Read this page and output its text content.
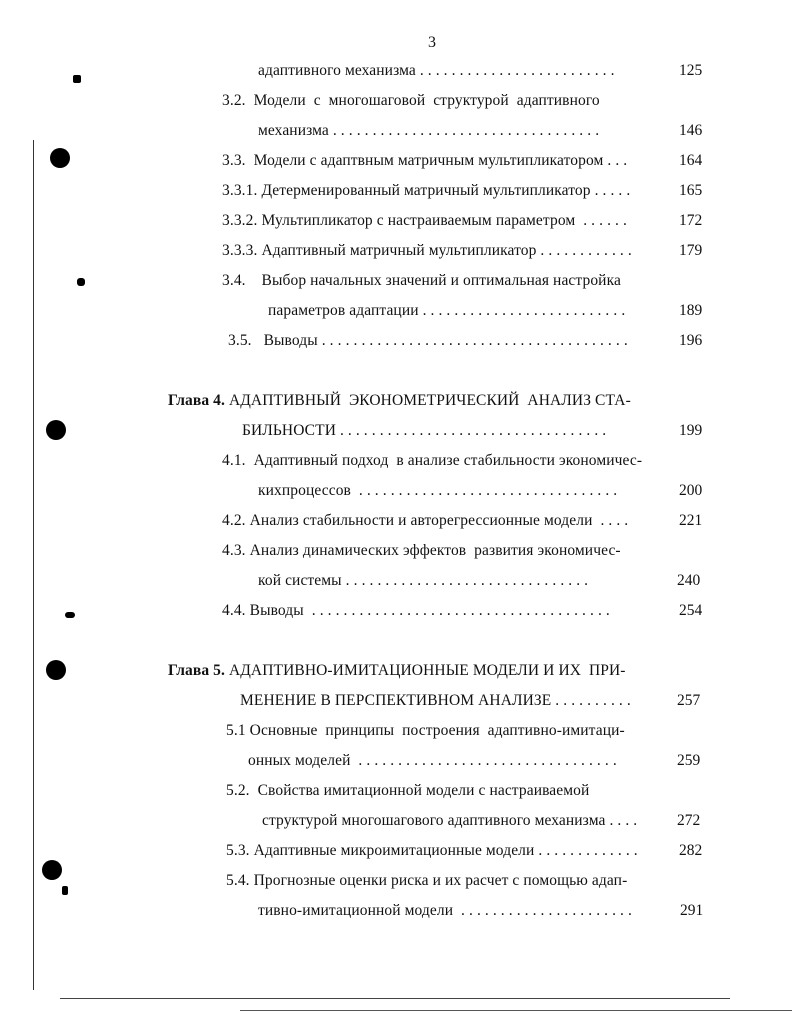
3
адаптивного механизма . . . . . . . . . . . . . . . . . . . . . . . . .	125
3.2. Модели с многошаговой структурой адаптивного
механизма . . . . . . . . . . . . . . . . . . . . . . . . . . . . . . . . . .	146
3.3.  Модели с адаптвным матричным мультипликатором . . .	164
3.3.1. Детерменированный матричный мультипликатор . . . . .	165
3.3.2. Мультипликатор с настраиваемым параметром  . . . . . .	172
3.3.3. Адаптивный матричный мультипликатор . . . . . . . . . . . .	179
3.4.    Выбор начальных значений и оптимальная настройка
параметров адаптации . . . . . . . . . . . . . . . . . . . . . . . . . .	189
3.5.   Выводы . . . . . . . . . . . . . . . . . . . . . . . . . . . . . . . . . . . . . . .	196
Глава 4. АДАПТИВНЫЙ  ЭКОНОМЕТРИЧЕСКИЙ  АНАЛИЗ СТА-
БИЛЬНОСТИ . . . . . . . . . . . . . . . . . . . . . . . . . . . . . . . . . .	199
4.1.  Адаптивный подход  в анализе стабильности экономичес-
кихпроцессов  . . . . . . . . . . . . . . . . . . . . . . . . . . . . . . . . .	200
4.2. Анализ стабильности и авторегрессионные модели  . . . .	221
4.3. Анализ динамических эффектов  развития экономичес-
кой системы . . . . . . . . . . . . . . . . . . . . . . . . . . . . . . .	240
4.4. Выводы  . . . . . . . . . . . . . . . . . . . . . . . . . . . . . . . . . . . . . .	254
Глава 5. АДАПТИВНО-ИМИТАЦИОННЫЕ МОДЕЛИ И ИХ  ПРИ-
МЕНЕНИЕ В ПЕРСПЕКТИВНОМ АНАЛИЗЕ . . . . . . . . . .	257
5.1 Основные  принципы  построения  адаптивно-имитаци-
онных моделей  . . . . . . . . . . . . . . . . . . . . . . . . . . . . . . . . .	259
5.2.  Свойства имитационной модели с настраиваемой
структурой многошагового адаптивного механизма . . . .	272
5.3. Адаптивные микроимитационные модели . . . . . . . . . . . . .	282
5.4. Прогнозные оценки риска и их расчет с помощью адап-
тивно-имитационной модели  . . . . . . . . . . . . . . . . . . . . . .	291
